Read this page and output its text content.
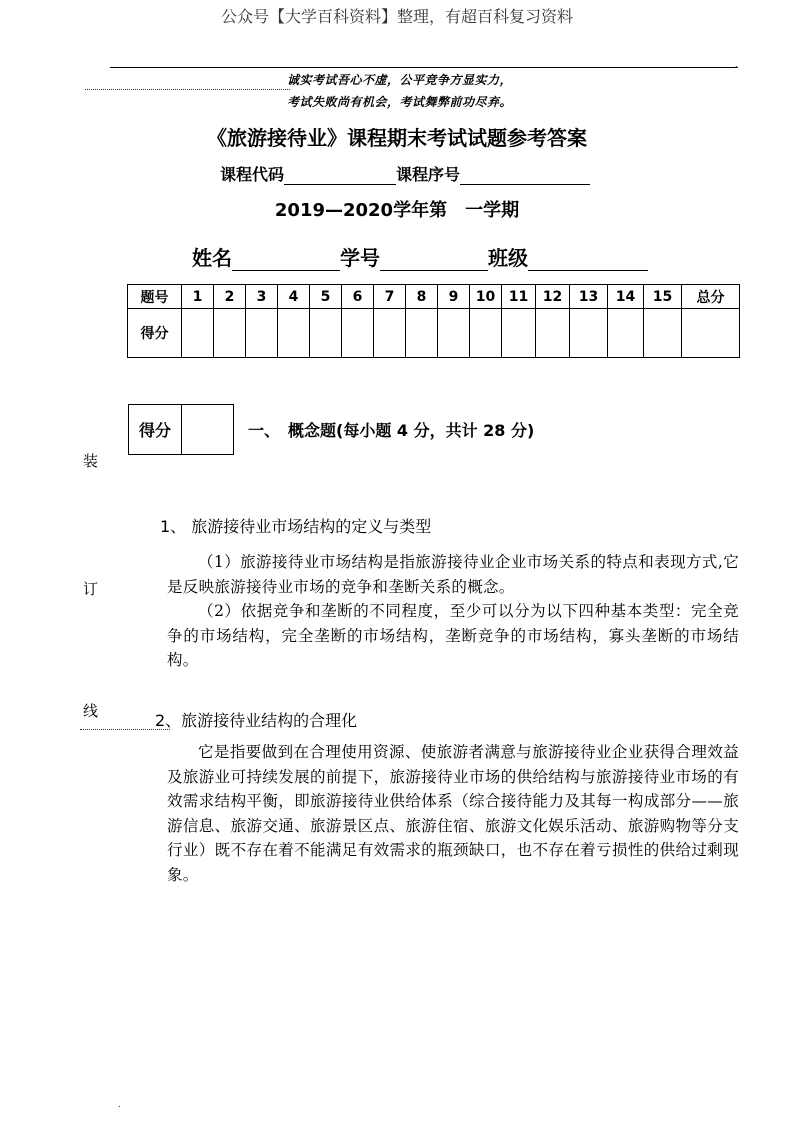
公众号【大学百科资料】整理，有超百科复习资料
.
诚实考试吾心不虚，公平竞争方显实力，
考试失败尚有机会，考试舞弊前功尽弃。
《旅游接待业》课程期末考试试题参考答案
课程代码	课程序号
2019—2020学年第　一学期
姓名	学号	班级
题号	1	2	3	4	5	6	7	8	9	10	11	12	13	14	15	总分
得分																
得分	一、　概念题(每小题 4 分，共计 28 分)
装
订
线
1、 旅游接待业市场结构的定义与类型

（1）旅游接待业市场结构是指旅游接待业企业市场关系的特点和表现方式,它是反映旅游接待业市场的竞争和垄断关系的概念。

（2）依据竞争和垄断的不同程度，至少可以分为以下四种基本类型：完全竞争的市场结构，完全垄断的市场结构，垄断竞争的市场结构，寡头垄断的市场结构。

2、旅游接待业结构的合理化

它是指要做到在合理使用资源、使旅游者满意与旅游接待业企业获得合理效益及旅游业可持续发展的前提下，旅游接待业市场的供给结构与旅游接待业市场的有效需求结构平衡，即旅游接待业供给体系（综合接待能力及其每一构成部分——旅游信息、旅游交通、旅游景区点、旅游住宿、旅游文化娱乐活动、旅游购物等分支行业）既不存在着不能满足有效需求的瓶颈缺口，也不存在着亏损性的供给过剩现象。

.
